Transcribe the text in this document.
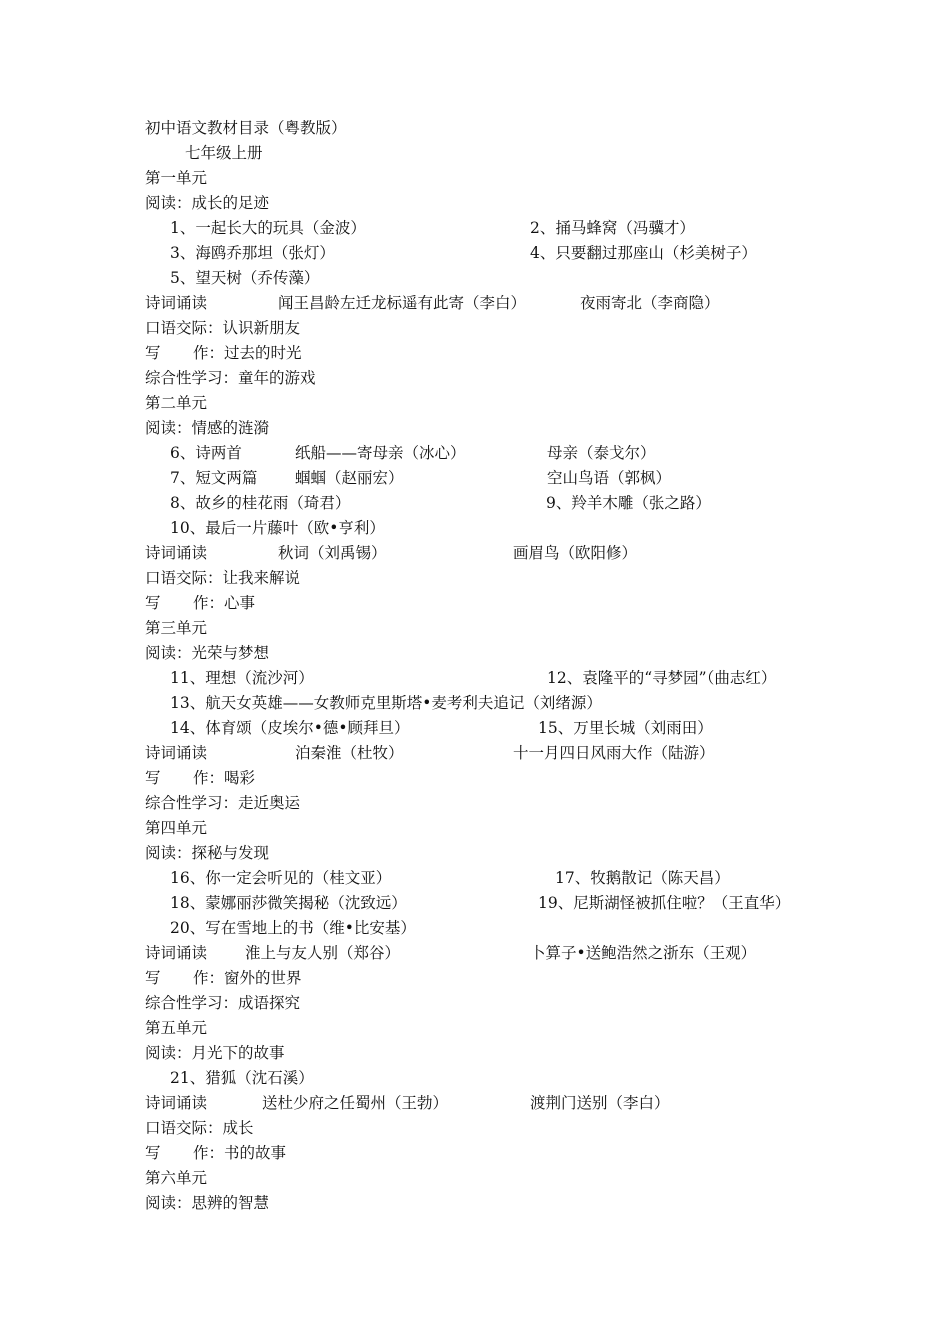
初中语文教材目录（粤教版）
七年级上册
第一单元
阅读：成长的足迹
1、一起长大的玩具（金波）	2、捅马蜂窝（冯骥才）
3、海鸥乔那坦（张灯）	4、只要翻过那座山（杉美树子）
5、望天树（乔传藻）
诗词诵读	闻王昌龄左迁龙标遥有此寄（李白）	夜雨寄北（李商隐）
口语交际：认识新朋友
写 作：过去的时光
综合性学习：童年的游戏
第二单元
阅读：情感的涟漪
6、诗两首	纸船——寄母亲（冰心）	母亲（泰戈尔）
7、短文两篇 蝈蝈（赵丽宏）	空山鸟语（郭枫）
8、故乡的桂花雨（琦君）	9、羚羊木雕（张之路）
10、最后一片藤叶（欧•亨利）
诗词诵读	秋词（刘禹锡）	画眉鸟（欧阳修）
口语交际：让我来解说
写 作：心事
第三单元
阅读：光荣与梦想
11、理想（流沙河）	12、袁隆平的“寻梦园”（曲志红）
13、航天女英雄——女教师克里斯塔•麦考利夫追记（刘绪源）
14、体育颂（皮埃尔•德•顾拜旦）	15、万里长城（刘雨田）
诗词诵读	泊秦淮（杜牧）	十一月四日风雨大作（陆游）
写 作：喝彩
综合性学习：走近奥运
第四单元
阅读：探秘与发现
16、你一定会听见的（桂文亚）	17、牧鹅散记（陈天昌）
18、蒙娜丽莎微笑揭秘（沈致远）	19、尼斯湖怪被抓住啦？（王直华）
20、写在雪地上的书（维•比安基）
诗词诵读 淮上与友人别（郑谷）	卜算子•送鲍浩然之浙东（王观）
写 作：窗外的世界
综合性学习：成语探究
第五单元
阅读：月光下的故事
21、猎狐（沈石溪）
诗词诵读	送杜少府之任蜀州（王勃）	渡荆门送别（李白）
口语交际：成长
写 作：书的故事
第六单元
阅读：思辨的智慧
